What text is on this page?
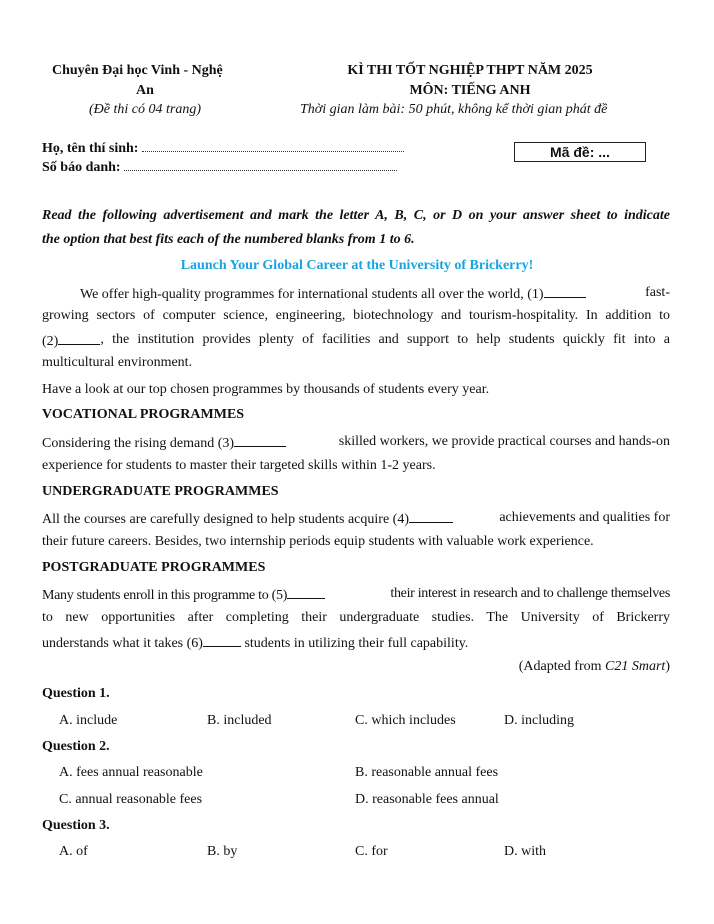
Chuyên Đại học Vinh - Nghệ
An
(Đề thi có 04 trang)
KÌ THI TỐT NGHIỆP THPT NĂM 2025
MÔN: TIẾNG ANH
Thời gian làm bài: 50 phút, không kể thời gian phát đề
Họ, tên thí sinh:
Số báo danh:
Mã đề: ...
Read the following advertisement and mark the letter A, B, C, or D on your answer sheet to indicate
the option that best fits each of the numbered blanks from 1 to 6.
Launch Your Global Career at the University of Brickerry!
We offer high-quality programmes for international students all over the world, (1)	fast-
growing sectors of computer science, engineering, biotechnology and tourism-hospitality. In addition to
(2)	, the institution provides plenty of facilities and support to help students quickly fit into a
multicultural environment.
Have a look at our top chosen programmes by thousands of students every year.
VOCATIONAL PROGRAMMES
Considering the rising demand (3)	skilled workers, we provide practical courses and hands-on
experience for students to master their targeted skills within 1-2 years.
UNDERGRADUATE PROGRAMMES
All the courses are carefully designed to help students acquire (4)	achievements and qualities for
their future careers. Besides, two internship periods equip students with valuable work experience.
POSTGRADUATE PROGRAMMES
Many students enroll in this programme to (5)	their interest in research and to challenge themselves
to new opportunities after completing their undergraduate studies. The University of Brickerry
understands what it takes (6)	students in utilizing their full capability.
(Adapted from C21 Smart)
Question 1.
A. include	B. included	C. which includes	D. including
Question 2.
A. fees annual reasonable	B. reasonable annual fees
C. annual reasonable fees	D. reasonable fees annual
Question 3.
A. of	B. by	C. for	D. with
